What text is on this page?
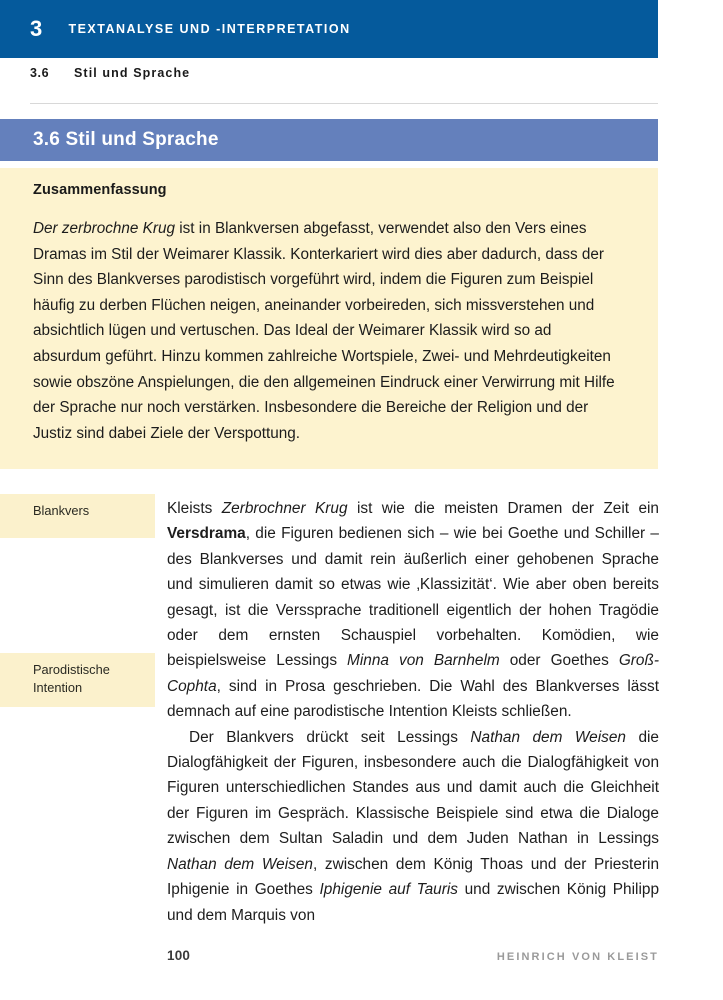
3 TEXTANALYSE UND -INTERPRETATION
3.6	Stil und Sprache
3.6 Stil und Sprache
Zusammenfassung

Der zerbrochne Krug ist in Blankversen abgefasst, verwendet also den Vers eines Dramas im Stil der Weimarer Klassik. Konterkariert wird dies aber dadurch, dass der Sinn des Blankverses parodistisch vorgeführt wird, indem die Figuren zum Beispiel häufig zu derben Flüchen neigen, aneinander vorbeireden, sich missverstehen und absichtlich lügen und vertuschen. Das Ideal der Weimarer Klassik wird so ad absurdum geführt. Hinzu kommen zahlreiche Wortspiele, Zwei- und Mehrdeutigkeiten sowie obszöne Anspielungen, die den allgemeinen Eindruck einer Verwirrung mit Hilfe der Sprache nur noch verstärken. Insbesondere die Bereiche der Religion und der Justiz sind dabei Ziele der Verspottung.

Blankvers
Parodistische Intention

Kleists Zerbrochner Krug ist wie die meisten Dramen der Zeit ein Versdrama, die Figuren bedienen sich – wie bei Goethe und Schiller – des Blankverses und damit rein äußerlich einer gehobenen Sprache und simulieren damit so etwas wie ‚Klassizität‘. Wie aber oben bereits gesagt, ist die Verssprache traditionell eigentlich der hohen Tragödie oder dem ernsten Schauspiel vorbehalten. Komödien, wie beispielsweise Lessings Minna von Barnhelm oder Goethes Groß-Cophta, sind in Prosa geschrieben. Die Wahl des Blankverses lässt demnach auf eine parodistische Intention Kleists schließen.

Der Blankvers drückt seit Lessings Nathan dem Weisen die Dialogfähigkeit der Figuren, insbesondere auch die Dialogfähigkeit von Figuren unterschiedlichen Standes aus und damit auch die Gleichheit der Figuren im Gespräch. Klassische Beispiele sind etwa die Dialoge zwischen dem Sultan Saladin und dem Juden Nathan in Lessings Nathan dem Weisen, zwischen dem König Thoas und der Priesterin Iphigenie in Goethes Iphigenie auf Tauris und zwischen König Philipp und dem Marquis von

100	HEINRICH VON KLEIST
